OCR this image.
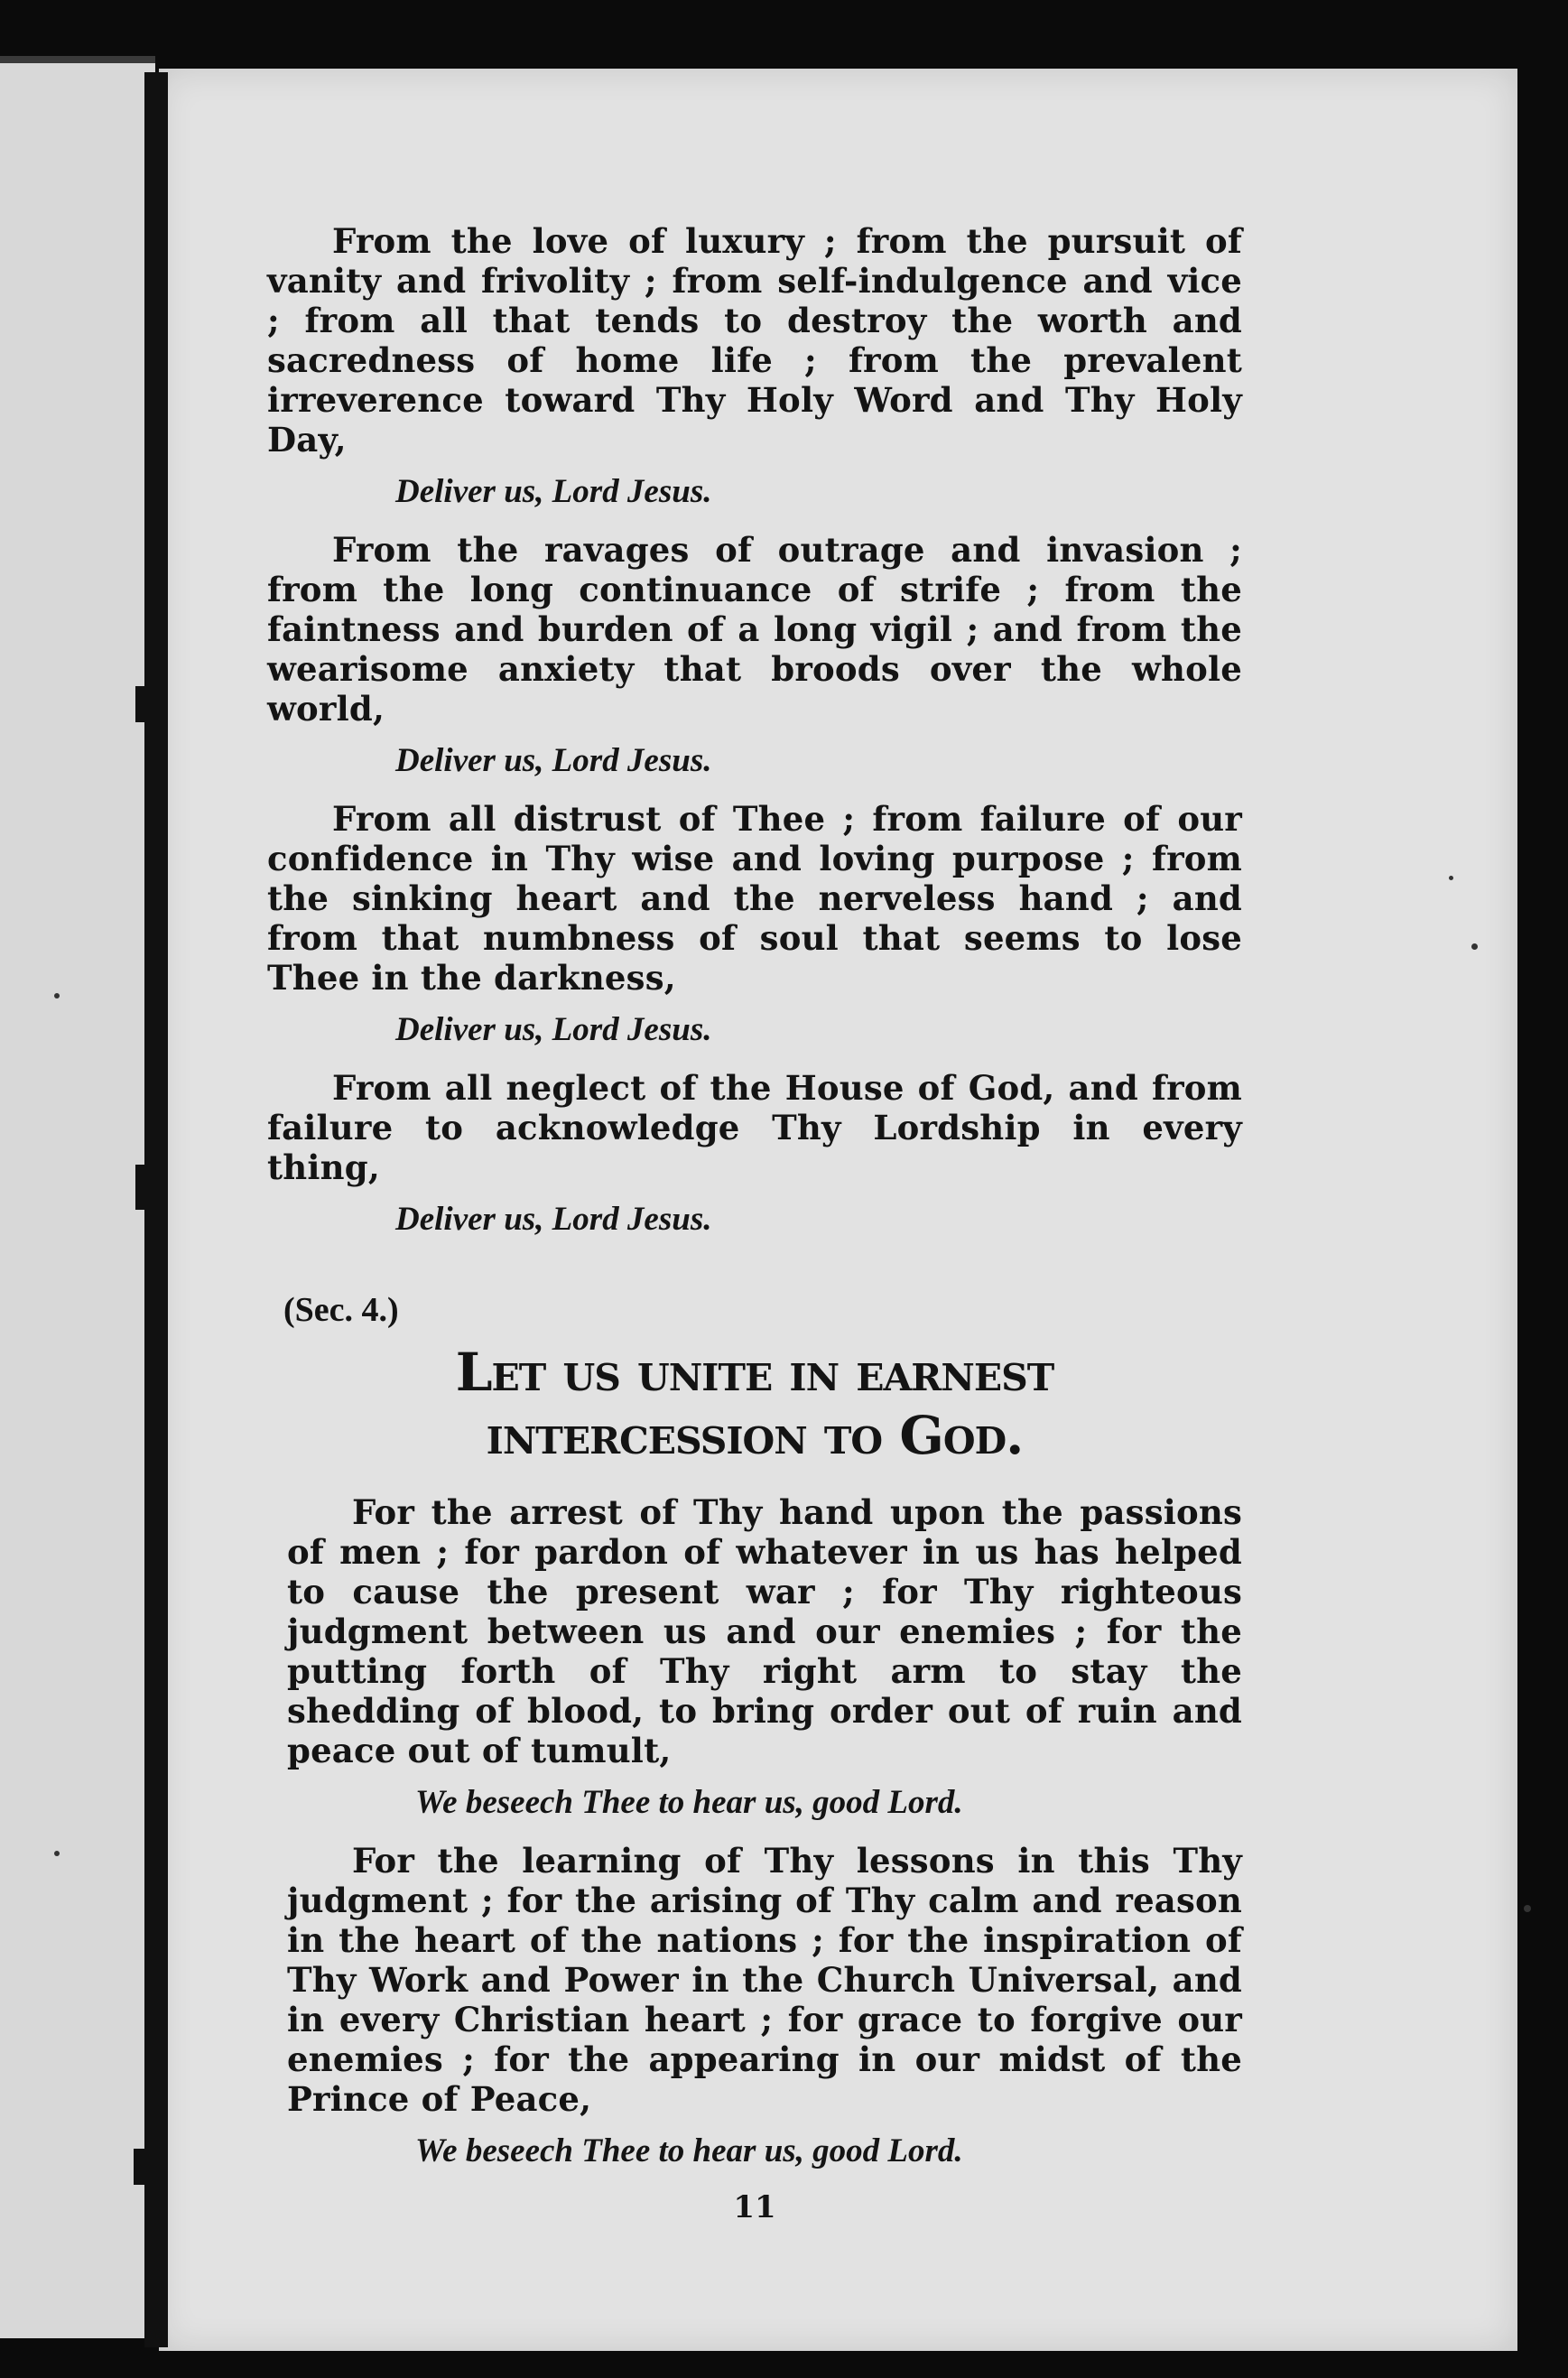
From the love of luxury ; from the pursuit of vanity and frivolity ; from self-indulgence and vice ; from all that tends to destroy the worth and sacredness of home life ; from the prevalent irreverence toward Thy Holy Word and Thy Holy Day,

Deliver us, Lord Jesus.

From the ravages of outrage and invasion ; from the long continuance of strife ; from the faintness and burden of a long vigil ; and from the wearisome anxiety that broods over the whole world,

Deliver us, Lord Jesus.

From all distrust of Thee ; from failure of our confidence in Thy wise and loving purpose ; from the sinking heart and the nerveless hand ; and from that numbness of soul that seems to lose Thee in the darkness,

Deliver us, Lord Jesus.

From all neglect of the House of God, and from failure to acknowledge Thy Lordship in every thing,

Deliver us, Lord Jesus.
(Sec. 4.)
Let us unite in earnest
intercession to God.

For the arrest of Thy hand upon the passions of men ; for pardon of whatever in us has helped to cause the present war ; for Thy righteous judgment between us and our enemies ; for the putting forth of Thy right arm to stay the shedding of blood, to bring order out of ruin and peace out of tumult,

We beseech Thee to hear us, good Lord.

For the learning of Thy lessons in this Thy judgment ; for the arising of Thy calm and reason in the heart of the nations ; for the inspiration of Thy Work and Power in the Church Universal, and in every Christian heart ; for grace to forgive our enemies ; for the appearing in our midst of the Prince of Peace,

We beseech Thee to hear us, good Lord.
11
